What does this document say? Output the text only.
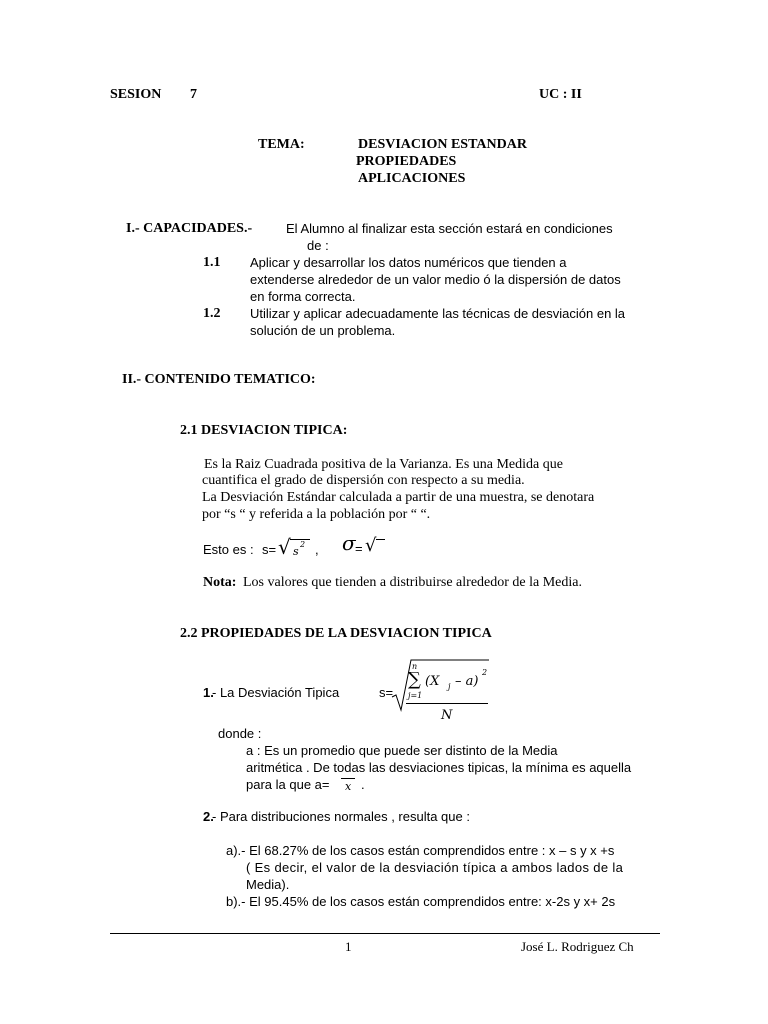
SESION 7	UC : II
TEMA:	DESVIACION ESTANDAR
PROPIEDADES
APLICACIONES
I.- CAPACIDADES.-	El Alumno al finalizar esta sección estará en condiciones
de :
1.1 Aplicar y desarrollar los datos numéricos que tienden a
extenderse alrededor de un valor medio ó la dispersión de datos
en forma correcta.
1.2 Utilizar y aplicar adecuadamente las técnicas de desviación en la
solución de un problema.
II.- CONTENIDO TEMATICO:
2.1 DESVIACION TIPICA:
Es la Raiz Cuadrada positiva de la Varianza. Es una Medida que
cuantifica el grado de dispersión con respecto a su media.
La Desviación Estándar calculada a partir de una muestra, se denotara
por “s “ y referida a la población por “ “.
Esto es : s= √ s
2 , σ = √
Nota: Los valores que tienden a distribuirse alrededor de la Media.
2.2 PROPIEDADES DE LA DESVIACION TIPICA
1.
- La Desviación Tipica	s=
∑
n
j=1
(X j – a)
2
N
donde :
a : Es un promedio que puede ser distinto de la Media
aritmética . De todas las desviaciones tipicas, la mínima es aquella
para la que a= x .
2.
- Para distribuciones normales , resulta que :
a).- El 68.27% de los casos están comprendidos entre : x – s y x +s
( Es decir, el valor de la desviación típica a ambos lados de la
Media).
b).- El 95.45% de los casos están comprendidos entre: x-2s y x+ 2s
1	José L. Rodriguez Ch
